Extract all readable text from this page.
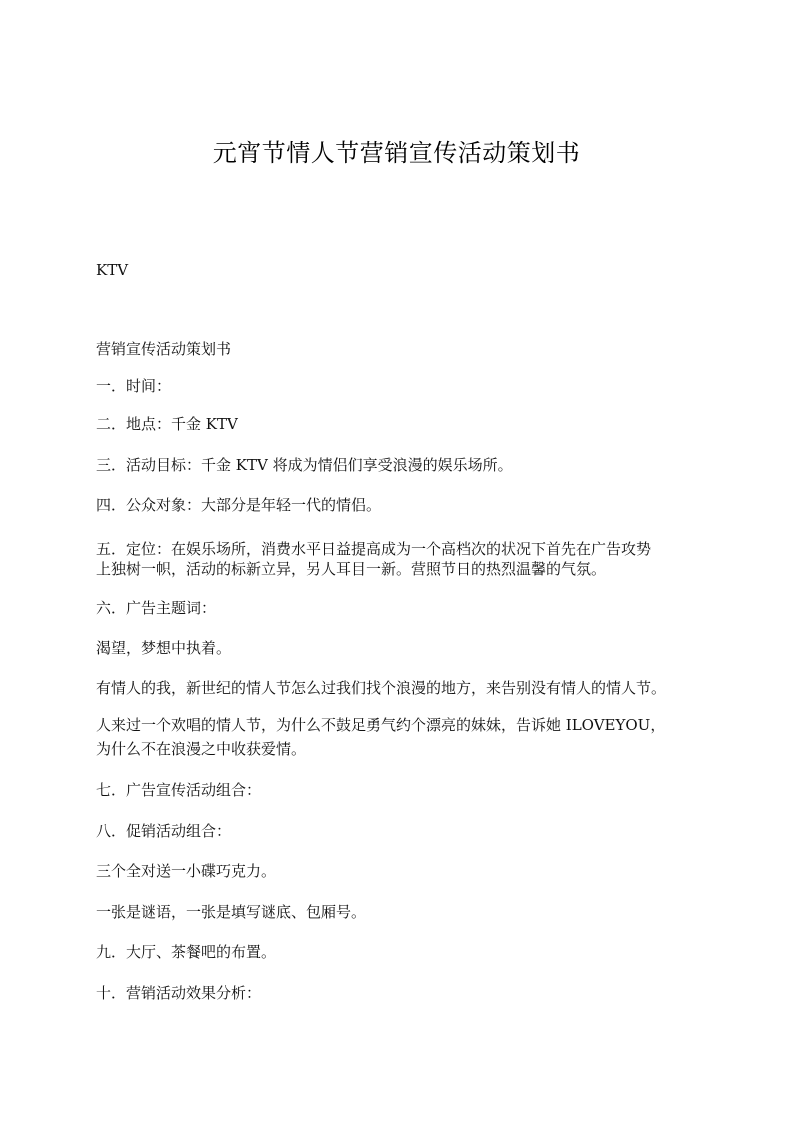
元宵节情人节营销宣传活动策划书
KTV
营销宣传活动策划书
一．时间：
二．地点：千金 KTV
三．活动目标：千金 KTV 将成为情侣们享受浪漫的娱乐场所。
四．公众对象：大部分是年轻一代的情侣。
五．定位：在娱乐场所，消费水平日益提高成为一个高档次的状况下首先在广告攻势
上独树一帜，活动的标新立异，另人耳目一新。营照节日的热烈温馨的气氛。
六．广告主题词：
渴望，梦想中执着。
有情人的我，新世纪的情人节怎么过我们找个浪漫的地方，来告别没有情人的情人节。
人来过一个欢唱的情人节，为什么不鼓足勇气约个漂亮的妹妹，告诉她 ILOVEYOU，
为什么不在浪漫之中收获爱情。
七．广告宣传活动组合：
八．促销活动组合：
三个全对送一小碟巧克力。
一张是谜语，一张是填写谜底、包厢号。
九．大厅、茶餐吧的布置。
十．营销活动效果分析：
